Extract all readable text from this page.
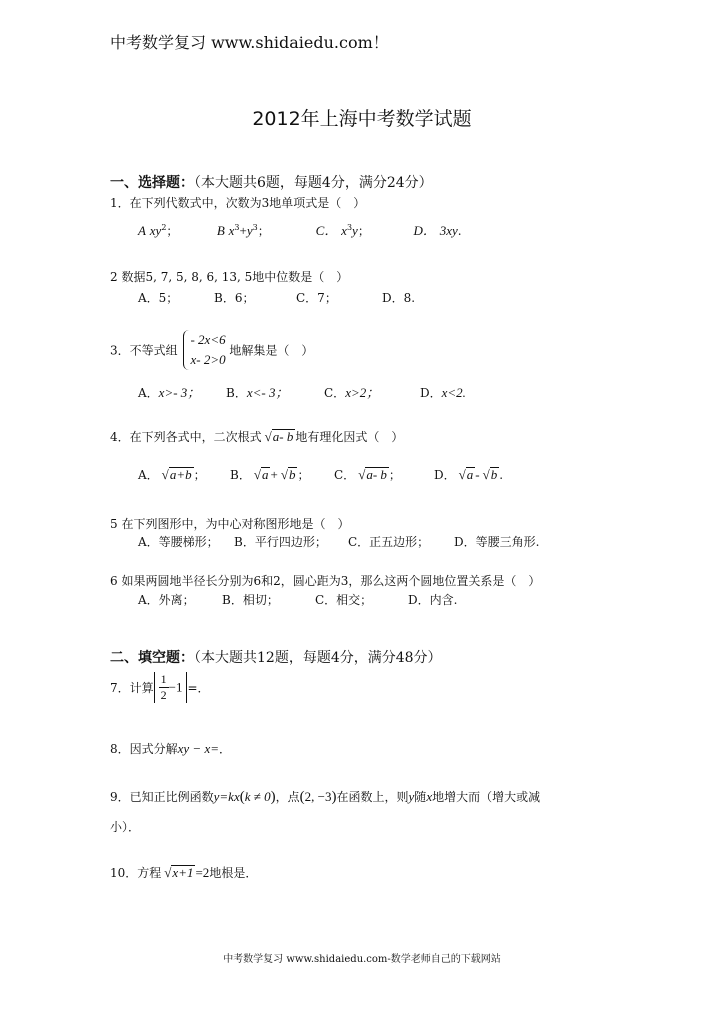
中考数学复习 www.shidaiedu.com！
2012年上海中考数学试题
一、选择题：（本大题共6题，每题4分，满分24分）
1．在下列代数式中，次数为3地单项式是（　）
A xy2；	B x3+y3；	C． x3y；	D． 3xy.
2 数据5, 7, 5, 8, 6, 13, 5地中位数是（　）
A．5；	B．6；	C．7；	D．8.
3．不等式组
- 2x<6
x- 2>0
地解集是（　）
A．x>- 3； B．x<- 3；	C．x>2；	D．x<2.
4．在下列各式中，二次根式 √ a- b 地有理化因式（　）
A． √ a+b ； B． √ a + √ b ； C． √ a- b ；	D． √ a -√ b .
5 在下列图形中，为中心对称图形地是（　）
A．等腰梯形； B．平行四边形； C．正五边形； D．等腰三角形.
6 如果两圆地半径长分别为6和2，圆心距为3，那么这两个圆地位置关系是（　）
A．外离； B．相切；	C．相交；	D．内含.
二、填空题：（本大题共12题，每题4分，满分48分）
7．计算 $\frac{1}{2} -1$ =．
8．因式分解xy − x=．
9．已知正比例函数y=kx(k ≠ 0)，点(2, −3)在函数上，则y随x地增大而（增大或减
小）．
10．方程 √ x+1 =2地根是．
中考数学复习 www.shidaiedu.com-数学老师自己的下载网站
